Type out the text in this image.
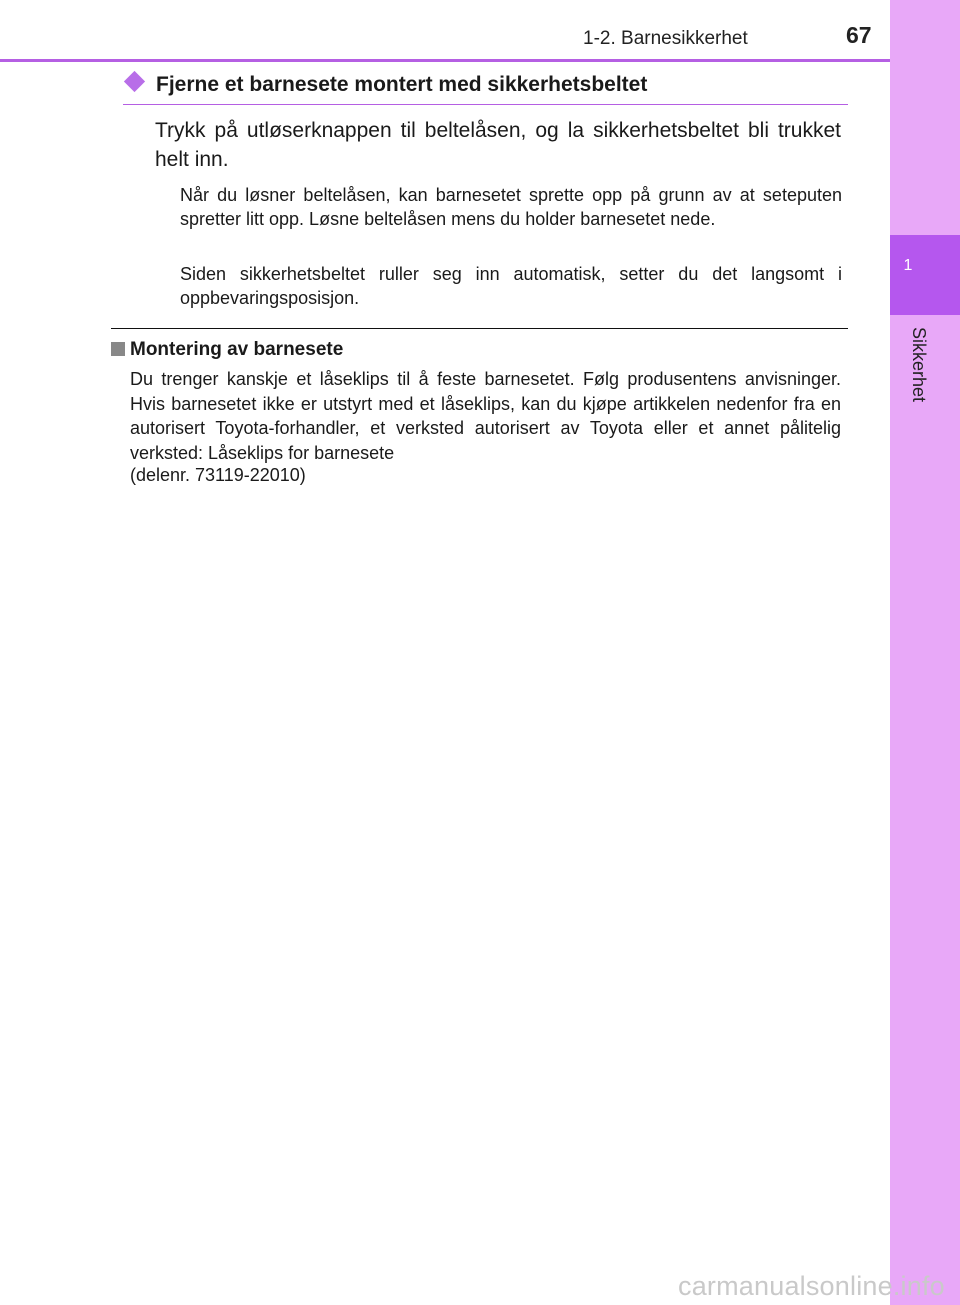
1-2. Barnesikkerhet	67
1
Sikkerhet
Fjerne et barnesete montert med sikkerhetsbeltet
Trykk på utløserknappen til beltelåsen, og la sikkerhetsbeltet bli trukket helt inn.
Når du løsner beltelåsen, kan barnesetet sprette opp på grunn av at seteputen spretter litt opp. Løsne beltelåsen mens du holder barnesetet nede.
Siden sikkerhetsbeltet ruller seg inn automatisk, setter du det langsomt i oppbevaringsposisjon.
Montering av barnesete
Du trenger kanskje et låseklips til å feste barnesetet. Følg produsentens anvisninger. Hvis barnesetet ikke er utstyrt med et låseklips, kan du kjøpe artikkelen nedenfor fra en autorisert Toyota-forhandler, et verksted autorisert av Toyota eller et annet pålitelig verksted: Låseklips for barnesete
(delenr. 73119-22010)
carmanualsonline.info
